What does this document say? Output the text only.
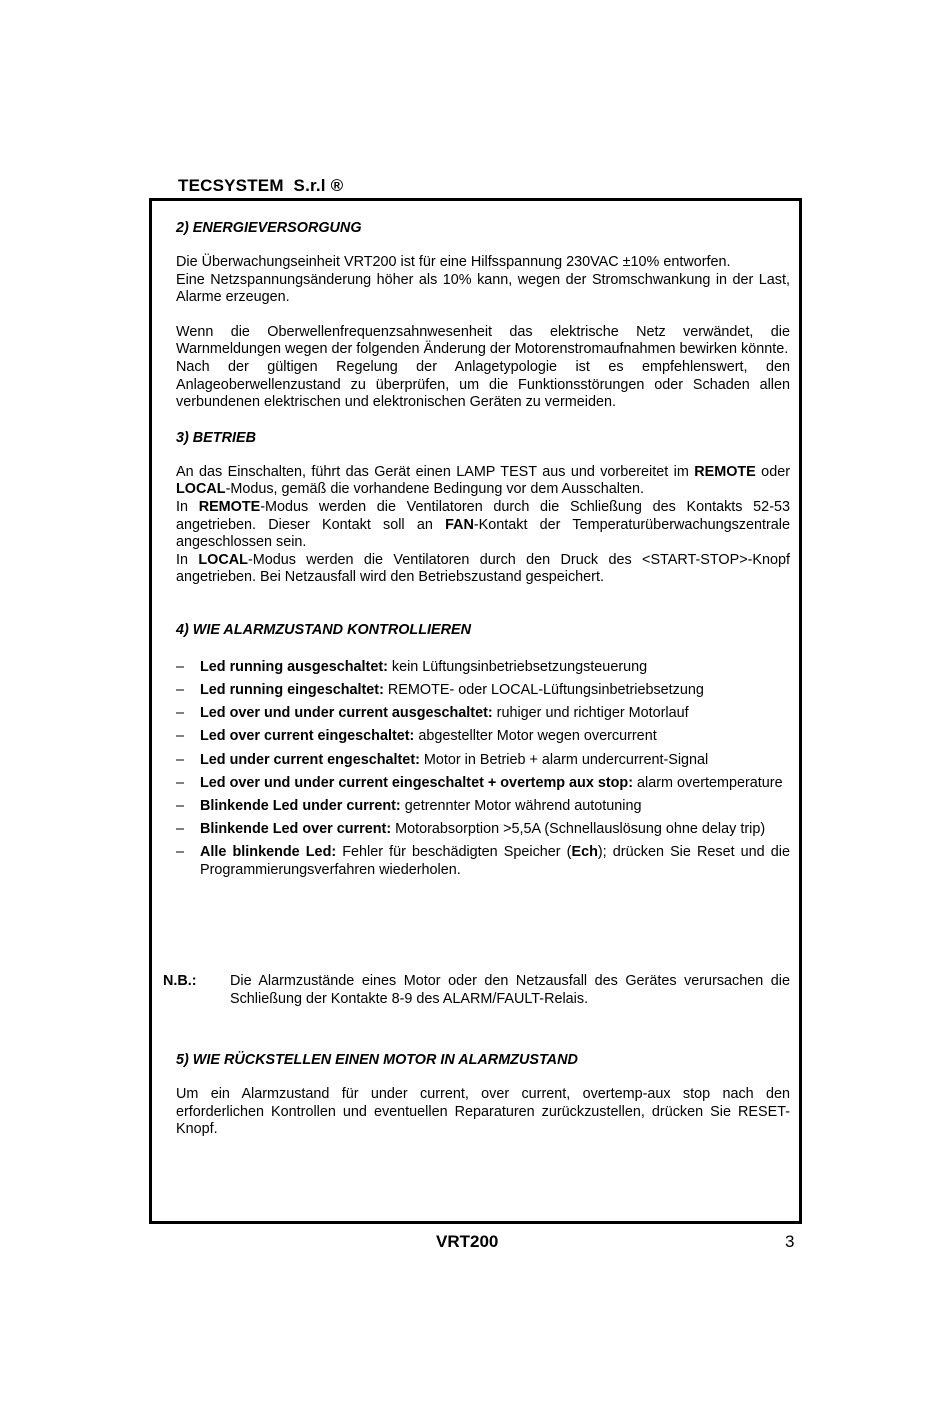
TECSYSTEM  S.r.l ®

2) ENERGIEVERSORGUNG

Die Überwachungseinheit VRT200 ist für eine Hilfsspannung 230VAC ±10% entworfen.

Eine Netzspannungsänderung höher als 10% kann, wegen der Stromschwankung in der Last, Alarme erzeugen.

Wenn die Oberwellenfrequenzsahnwesenheit das elektrische Netz verwändet, die Warnmeldungen wegen der folgenden Änderung der Motorenstromaufnahmen bewirken könnte.

Nach der gültigen Regelung der Anlagetypologie ist es empfehlenswert, den Anlageoberwellenzustand zu überprüfen, um die Funktionsstörungen oder Schaden allen verbundenen elektrischen und elektronischen Geräten zu vermeiden.

3) BETRIEB

An das Einschalten, führt das Gerät einen LAMP TEST aus und vorbereitet im REMOTE oder LOCAL-Modus, gemäß die vorhandene Bedingung vor dem Ausschalten.

In REMOTE-Modus werden die Ventilatoren durch die Schließung des Kontakts 52-53 angetrieben. Dieser Kontakt soll an FAN-Kontakt der Temperaturüberwachungszentrale angeschlossen sein.

In LOCAL-Modus werden die Ventilatoren durch den Druck des <START-STOP>-Knopf angetrieben. Bei Netzausfall wird den Betriebszustand gespeichert.

4) WIE ALARMZUSTAND KONTROLLIEREN

– Led running ausgeschaltet: kein Lüftungsinbetriebsetzungsteuerung
– Led running eingeschaltet: REMOTE- oder LOCAL-Lüftungsinbetriebsetzung
– Led over und under current ausgeschaltet: ruhiger und richtiger Motorlauf
– Led over current eingeschaltet: abgestellter Motor wegen overcurrent
– Led under current engeschaltet: Motor in Betrieb + alarm undercurrent-Signal
– Led over und under current eingeschaltet + overtemp aux stop: alarm overtemperature
– Blinkende Led under current: getrennter Motor während autotuning
– Blinkende Led over current: Motorabsorption >5,5A (Schnellauslösung ohne delay trip)
– Alle blinkende Led: Fehler für beschädigten Speicher (Ech); drücken Sie Reset und die Programmierungsverfahren wiederholen.
N.B.: Die Alarmzustände eines Motor oder den Netzausfall des Gerätes verursachen die Schließung der Kontakte 8-9 des ALARM/FAULT-Relais.

5) WIE RÜCKSTELLEN EINEN MOTOR IN ALARMZUSTAND

Um ein Alarmzustand für under current, over current, overtemp-aux stop nach den erforderlichen Kontrollen und eventuellen Reparaturen zurückzustellen, drücken Sie RESET-Knopf.

VRT200	3
